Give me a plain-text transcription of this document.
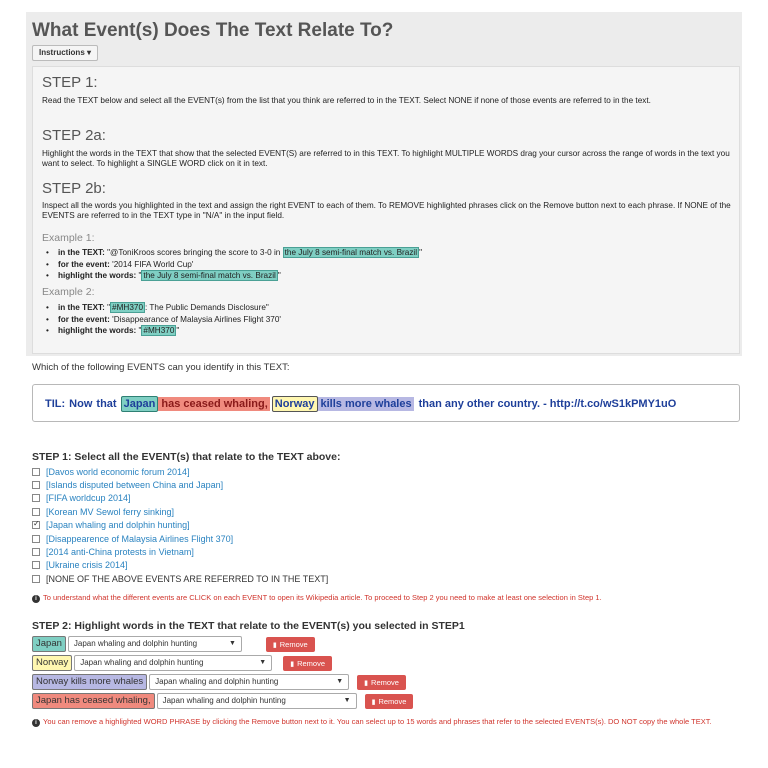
What Event(s) Does The Text Relate To?
Instructions ▾
STEP 1:
Read the TEXT below and select all the EVENT(s) from the list that you think are referred to in the TEXT. Select NONE if none of those events are referred to in the text.
STEP 2a:
Highlight the words in the TEXT that show that the selected EVENT(S) are referred to in this TEXT. To highlight MULTIPLE WORDS drag your cursor across the range of words in the text you want to select. To highlight a SINGLE WORD click on it in text.
STEP 2b:
Inspect all the words you highlighted in the text and assign the right EVENT to each of them. To REMOVE highlighted phrases click on the Remove button next to each phrase. If NONE of the EVENTS are referred to in the TEXT type in "N/A" in the input field.
Example 1:
• in the TEXT: "@ToniKroos scores bringing the score to 3-0 in the July 8 semi-final match vs. Brazil "
• for the event: '2014 FIFA World Cup'
• highlight the words: " the July 8 semi-final match vs. Brazil "
Example 2:
• in the TEXT: " #MH370 : The Public Demands Disclosure"
• for the event: 'Disappearance of Malaysia Airlines Flight 370'
• highlight the words: " #MH370 "
Which of the following EVENTS can you identify in this TEXT:
TIL: Now that Japan has ceased whaling, Norway kills more whales than any other country. - http://t.co/wS1kPMY1uO
STEP 1: Select all the EVENT(s) that relate to the TEXT above:
[Davos world economic forum 2014]
[Islands disputed between China and Japan]
[FIFA worldcup 2014]
[Korean MV Sewol ferry sinking]
✓
[Japan whaling and dolphin hunting]
[Disappearence of Malaysia Airlines Flight 370]
[2014 anti-China protests in Vietnam]
[Ukraine crisis 2014]
[NONE OF THE ABOVE EVENTS ARE REFERRED TO IN THE TEXT]
i To understand what the different events are CLICK on each EVENT to open its Wikipedia article. To proceed to Step 2 you need to make at least one selection in Step 1.
STEP 2: Highlight words in the TEXT that relate to the EVENT(s) you selected in STEP1
Japan	Japan whaling and dolphin hunting	▼	▮ Remove
Norway	Japan whaling and dolphin hunting	▼	▮ Remove
Norway kills more whales	Japan whaling and dolphin hunting	▼	▮ Remove
Japan has ceased whaling,	Japan whaling and dolphin hunting	▼	▮ Remove
i You can remove a highlighted WORD PHRASE by clicking the Remove button next to it. You can select up to 15 words and phrases that refer to the selected EVENTS(s). DO NOT copy the whole TEXT.
